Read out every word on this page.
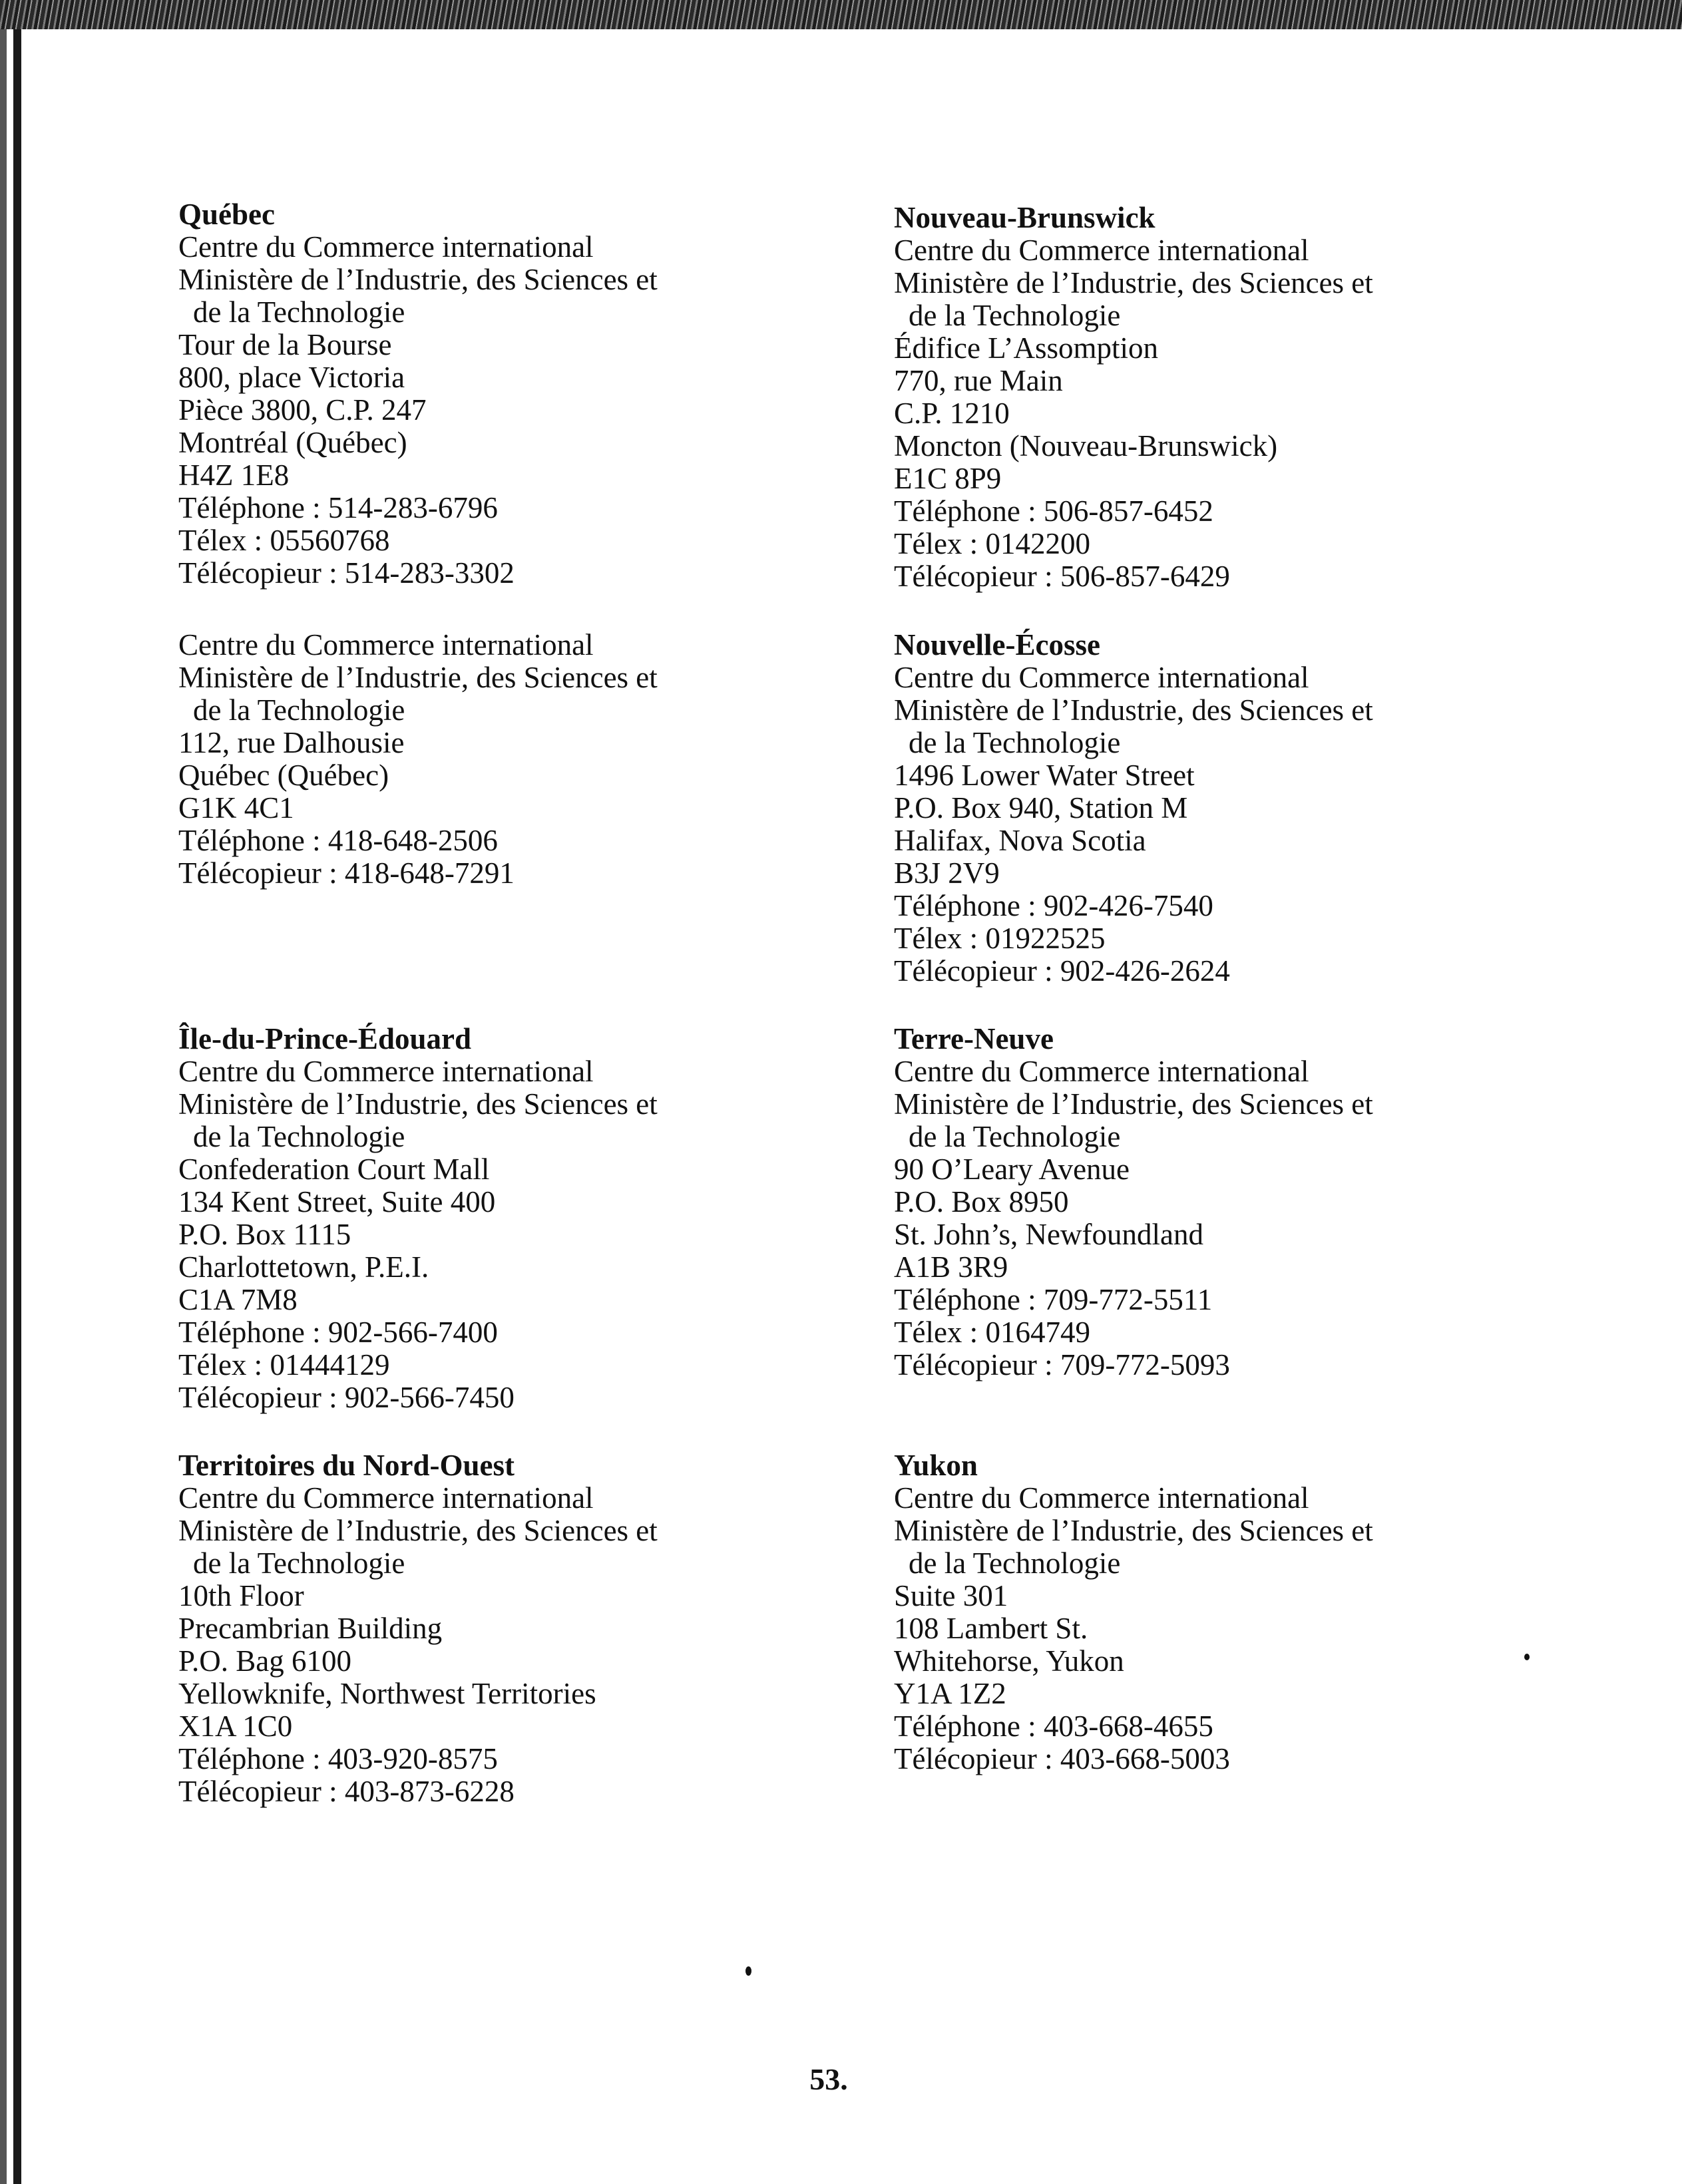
Québec
Centre du Commerce international
Ministère de l’Industrie, des Sciences et
de la Technologie
Tour de la Bourse
800, place Victoria
Pièce 3800, C.P. 247
Montréal (Québec)
H4Z 1E8
Téléphone : 514-283-6796
Télex : 05560768
Télécopieur : 514-283-3302
Centre du Commerce international
Ministère de l’Industrie, des Sciences et
de la Technologie
112, rue Dalhousie
Québec (Québec)
G1K 4C1
Téléphone : 418-648-2506
Télécopieur : 418-648-7291
Île-du-Prince-Édouard
Centre du Commerce international
Ministère de l’Industrie, des Sciences et
de la Technologie
Confederation Court Mall
134 Kent Street, Suite 400
P.O. Box 1115
Charlottetown, P.E.I.
C1A 7M8
Téléphone : 902-566-7400
Télex : 01444129
Télécopieur : 902-566-7450
Territoires du Nord-Ouest
Centre du Commerce international
Ministère de l’Industrie, des Sciences et
de la Technologie
10th Floor
Precambrian Building
P.O. Bag 6100
Yellowknife, Northwest Territories
X1A 1C0
Téléphone : 403-920-8575
Télécopieur : 403-873-6228
Nouveau-Brunswick
Centre du Commerce international
Ministère de l’Industrie, des Sciences et
de la Technologie
Édifice L’Assomption
770, rue Main
C.P. 1210
Moncton (Nouveau-Brunswick)
E1C 8P9
Téléphone : 506-857-6452
Télex : 0142200
Télécopieur : 506-857-6429
Nouvelle-Écosse
Centre du Commerce international
Ministère de l’Industrie, des Sciences et
de la Technologie
1496 Lower Water Street
P.O. Box 940, Station M
Halifax, Nova Scotia
B3J 2V9
Téléphone : 902-426-7540
Télex : 01922525
Télécopieur : 902-426-2624
Terre-Neuve
Centre du Commerce international
Ministère de l’Industrie, des Sciences et
de la Technologie
90 O’Leary Avenue
P.O. Box 8950
St. John’s, Newfoundland
A1B 3R9
Téléphone : 709-772-5511
Télex : 0164749
Télécopieur : 709-772-5093
Yukon
Centre du Commerce international
Ministère de l’Industrie, des Sciences et
de la Technologie
Suite 301
108 Lambert St.
Whitehorse, Yukon
Y1A 1Z2
Téléphone : 403-668-4655
Télécopieur : 403-668-5003
53.
